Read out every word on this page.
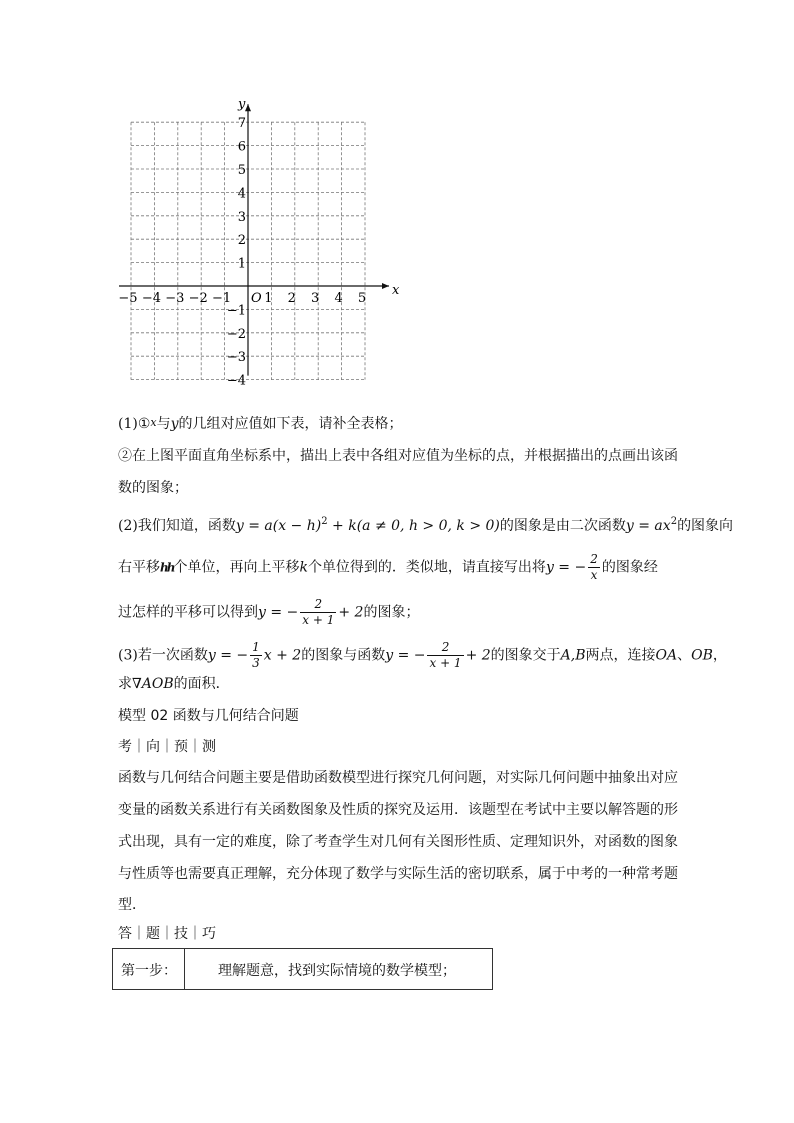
−5 −4 −3 −2 −1	1 2 3 4 5
7
6
5
4
3
2
1
−1
−2
−3
−4
O
x
y
(1)①x与y的几组对应值如下表，请补全表格；
②在上图平面直角坐标系中，描出上表中各组对应值为坐标的点，并根据描出的点画出该函
数的图象；
(2)我们知道，函数$y = a(x - h)^2 + k(a \ne 0$, h > 0, k > 0)的图象是由二次函数$y = ax^2$的图象向
右平移ℎℎ个单位，再向上平移k个单位得到的．类似地，请直接写出将y = − $\frac{2}{x}$ 的图象经
过怎样的平移可以得到y = − $\frac{2}{x + 1} + 2$的图象；
(3)若一次函数y = − $\frac{1}{3}$ x + 2的图象与函数y = − $\frac{2}{x + 1} + 2$的图象交于A,B两点，连接OA、OB，
求∇AOB的面积．
模型 02 函数与几何结合问题
考｜向｜预｜测
函数与几何结合问题主要是借助函数模型进行探究几何问题，对实际几何问题中抽象出对应
变量的函数关系进行有关函数图象及性质的探究及运用．该题型在考试中主要以解答题的形
式出现，具有一定的难度，除了考查学生对几何有关图形性质、定理知识外，对函数的图象
与性质等也需要真正理解，充分体现了数学与实际生活的密切联系，属于中考的一种常考题
型．
答｜题｜技｜巧
第一步：	理解题意，找到实际情境的数学模型；
